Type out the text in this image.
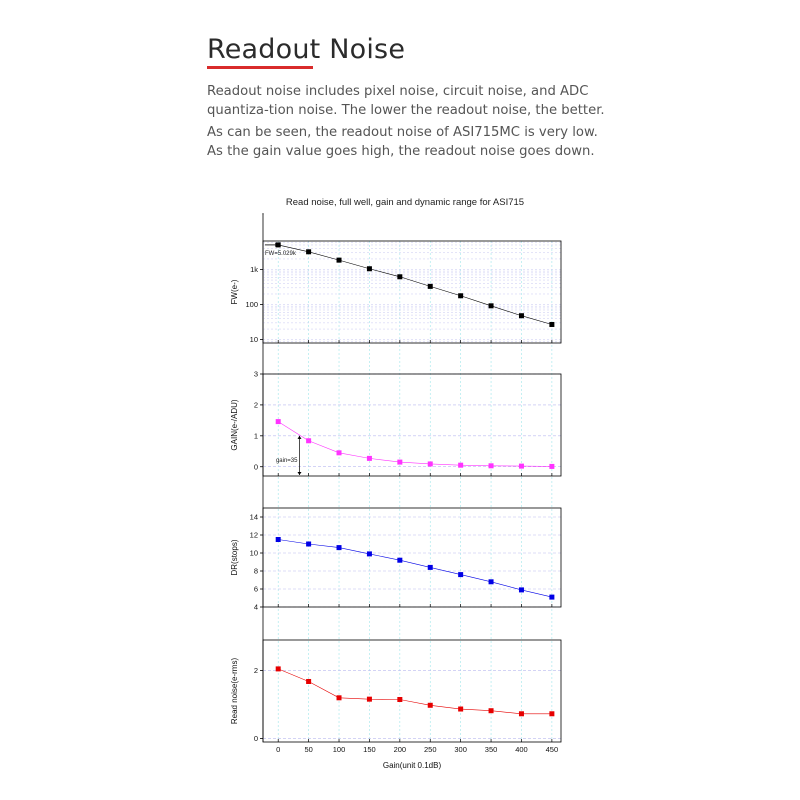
Readout Noise

Readout noise includes pixel noise, circuit noise, and ADC quantiza-tion noise. The lower the readout noise, the better.

As can be seen, the readout noise of ASI715MC is very low. As the gain value goes high, the readout noise goes down.

Read noise, full well, gain and dynamic range for ASI715
Gain(unit 0.1dB)
.
10
100
1k
FW(e-)
FW=5.029k
0
1
2
3
GAIN(e-/ADU)
gain=35
4
6
8
10
12
14
DR(stops)
0
2
Read noise(e-rms)
0	50	100 150 200 250 300 350 400 450
